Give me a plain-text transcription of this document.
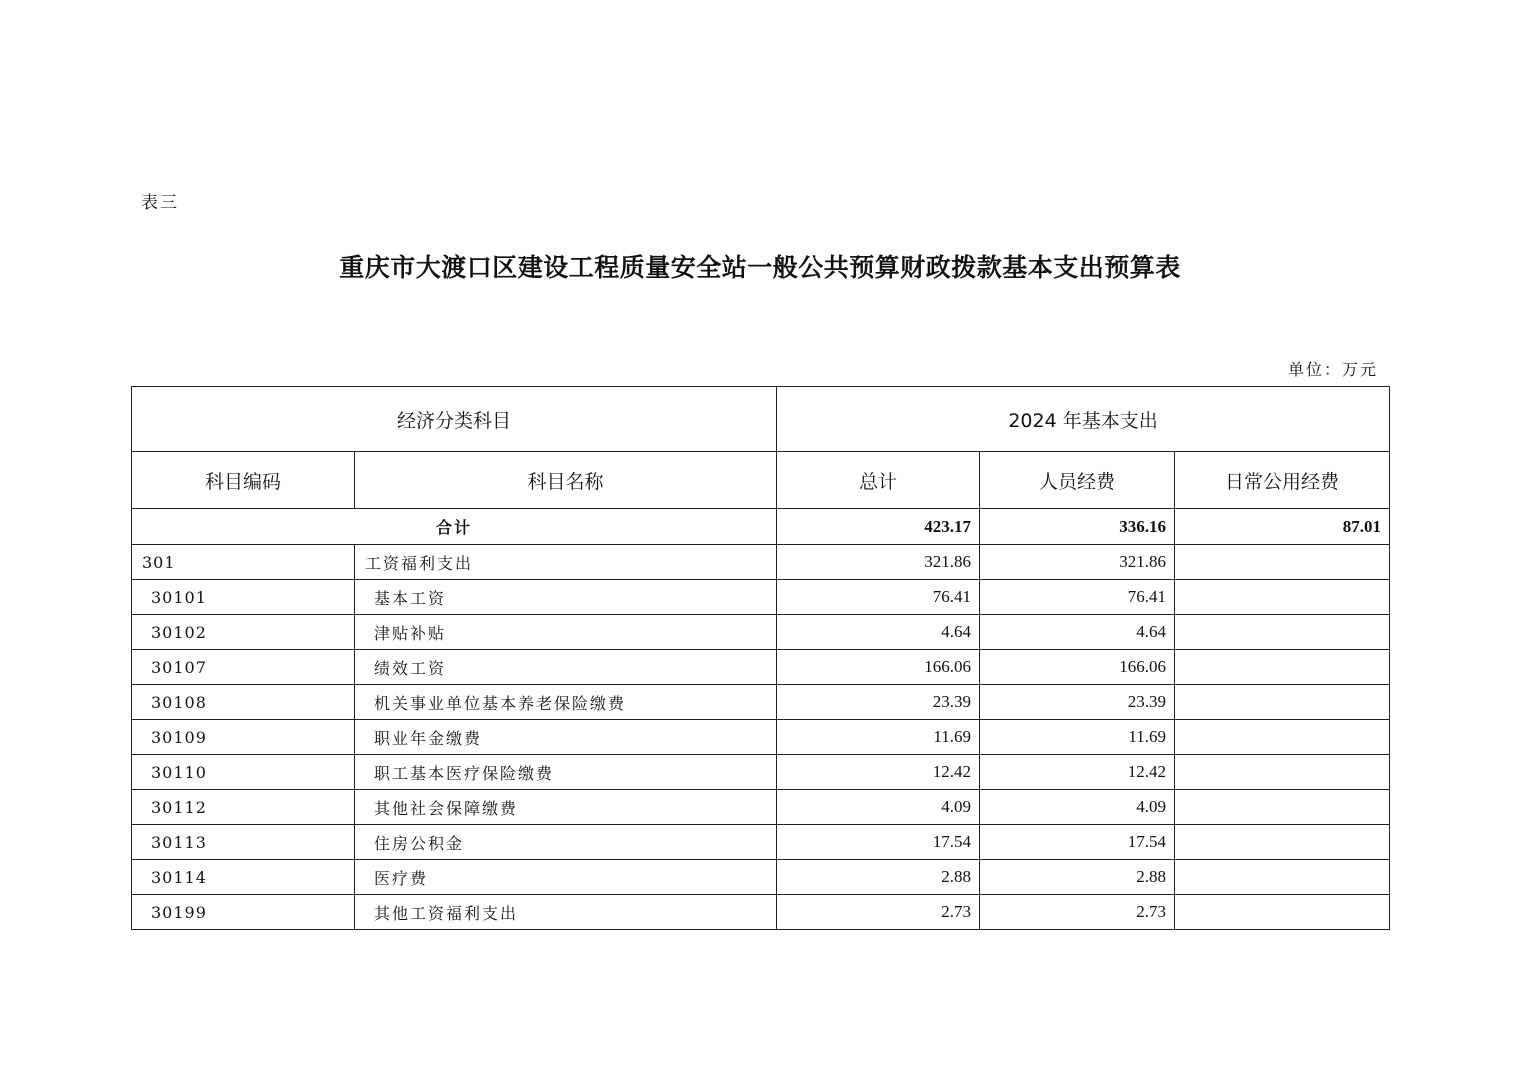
表三
重庆市大渡口区建设工程质量安全站一般公共预算财政拨款基本支出预算表
单位：万元
经济分类科目		2024 年基本支出		
科目编码	科目名称	总计	人员经费	日常公用经费
合计		423.17	336.16	87.01
301	工资福利支出	321.86	321.86	
30101	基本工资	76.41	76.41	
30102	津贴补贴	4.64	4.64	
30107	绩效工资	166.06	166.06	
30108	机关事业单位基本养老保险缴费	23.39	23.39	
30109	职业年金缴费	11.69	11.69	
30110	职工基本医疗保险缴费	12.42	12.42	
30112	其他社会保障缴费	4.09	4.09	
30113	住房公积金	17.54	17.54	
30114	医疗费	2.88	2.88	
30199	其他工资福利支出	2.73	2.73	
